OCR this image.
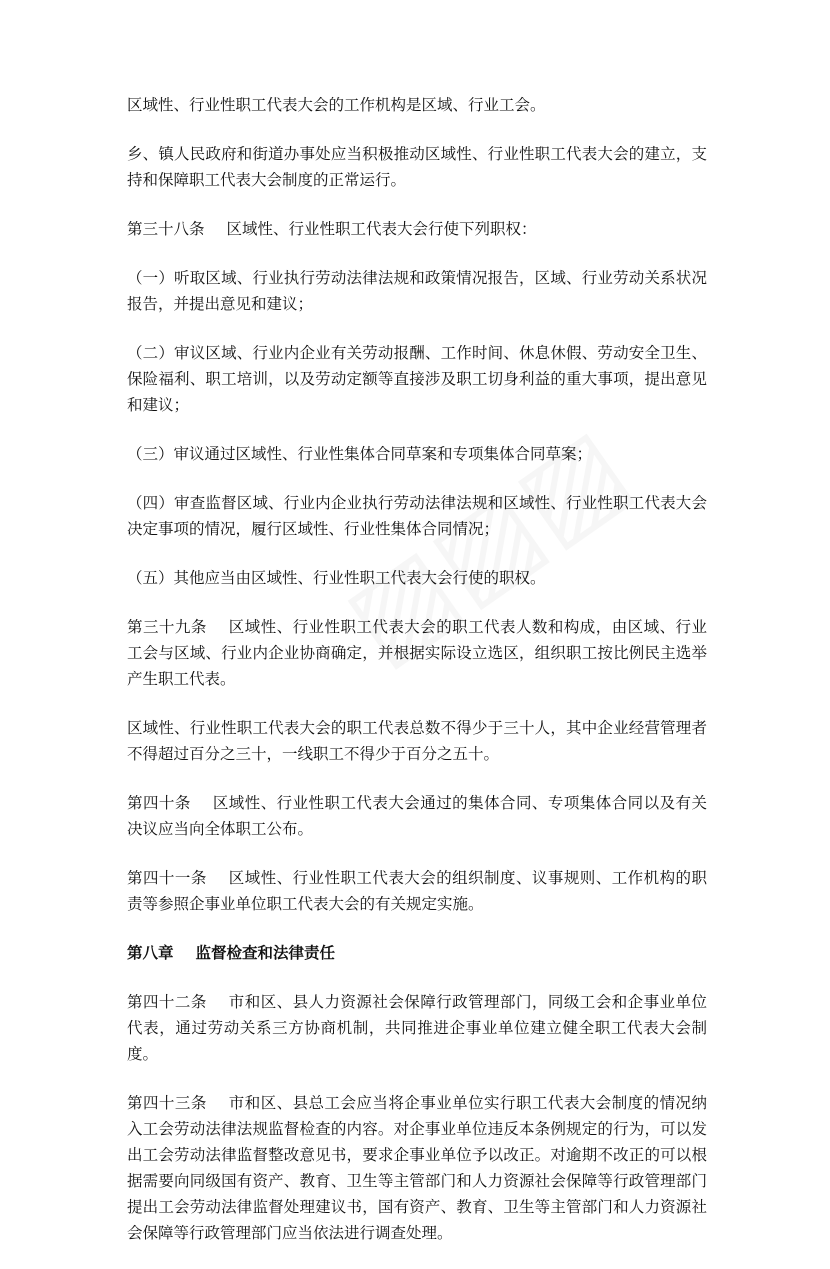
区域性、行业性职工代表大会的工作机构是区域、行业工会。

乡、镇人民政府和街道办事处应当积极推动区域性、行业性职工代表大会的建立，支持和保障职工代表大会制度的正常运行。

第三十八条 区域性、行业性职工代表大会行使下列职权：

（一）听取区域、行业执行劳动法律法规和政策情况报告，区域、行业劳动关系状况报告，并提出意见和建议；

（二）审议区域、行业内企业有关劳动报酬、工作时间、休息休假、劳动安全卫生、保险福利、职工培训，以及劳动定额等直接涉及职工切身利益的重大事项，提出意见和建议；

（三）审议通过区域性、行业性集体合同草案和专项集体合同草案；

（四）审查监督区域、行业内企业执行劳动法律法规和区域性、行业性职工代表大会决定事项的情况，履行区域性、行业性集体合同情况；

（五）其他应当由区域性、行业性职工代表大会行使的职权。

第三十九条 区域性、行业性职工代表大会的职工代表人数和构成，由区域、行业工会与区域、行业内企业协商确定，并根据实际设立选区，组织职工按比例民主选举产生职工代表。

区域性、行业性职工代表大会的职工代表总数不得少于三十人，其中企业经营管理者不得超过百分之三十，一线职工不得少于百分之五十。

第四十条 区域性、行业性职工代表大会通过的集体合同、专项集体合同以及有关决议应当向全体职工公布。

第四十一条 区域性、行业性职工代表大会的组织制度、议事规则、工作机构的职责等参照企事业单位职工代表大会的有关规定实施。

第八章 监督检查和法律责任

第四十二条 市和区、县人力资源社会保障行政管理部门，同级工会和企事业单位代表，通过劳动关系三方协商机制，共同推进企事业单位建立健全职工代表大会制度。

第四十三条 市和区、县总工会应当将企事业单位实行职工代表大会制度的情况纳入工会劳动法律法规监督检查的内容。对企事业单位违反本条例规定的行为，可以发出工会劳动法律监督整改意见书，要求企事业单位予以改正。对逾期不改正的可以根据需要向同级国有资产、教育、卫生等主管部门和人力资源社会保障等行政管理部门提出工会劳动法律监督处理建议书，国有资产、教育、卫生等主管部门和人力资源社会保障等行政管理部门应当依法进行调查处理。
